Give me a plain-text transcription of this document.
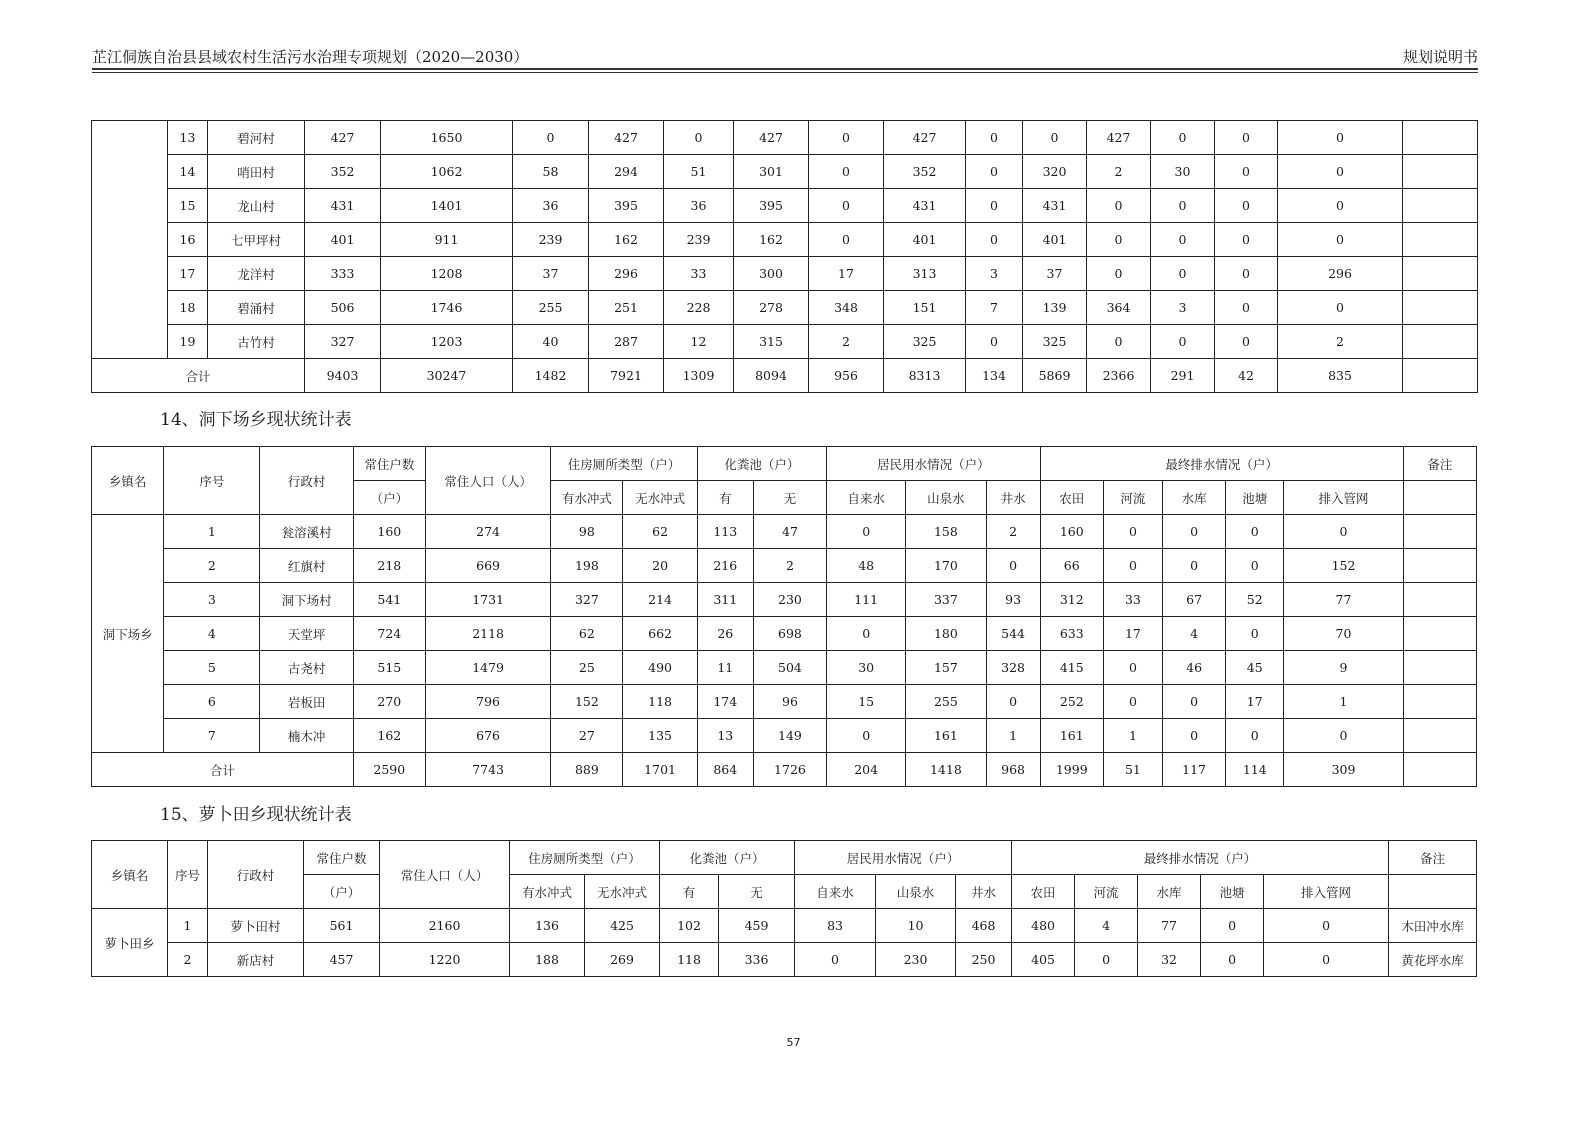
芷江侗族自治县县域农村生活污水治理专项规划（2020—2030）	规划说明书
	13	碧河村	427	1650	0	427	0	427	0	427	0	0	427	0	0	0	
	14	哨田村	352	1062	58	294	51	301	0	352	0	320	2	30	0	0	
	15	龙山村	431	1401	36	395	36	395	0	431	0	431	0	0	0	0	
	16	七甲坪村	401	911	239	162	239	162	0	401	0	401	0	0	0	0	
	17	龙洋村	333	1208	37	296	33	300	17	313	3	37	0	0	0	296	
	18	碧涌村	506	1746	255	251	228	278	348	151	7	139	364	3	0	0	
	19	古竹村	327	1203	40	287	12	315	2	325	0	325	0	0	0	2	
合计			9403	30247	1482	7921	1309	8094	956	8313	134	5869	2366	291	42	835	
14、洞下场乡现状统计表
乡镇名	序号	行政村	常住户数	常住人口（人）	住房厕所类型（户）		化粪池（户）		居民用水情况（户）			最终排水情况（户）					备注
			（户）		有水冲式	无水冲式	有	无	自来水	山泉水	井水	农田	河流	水库	池塘	排入管网	
洞下场乡	1	瓮溶溪村	160	274	98	62	113	47	0	158	2	160	0	0	0	0	
	2	红旗村	218	669	198	20	216	2	48	170	0	66	0	0	0	152	
	3	洞下场村	541	1731	327	214	311	230	111	337	93	312	33	67	52	77	
	4	天堂坪	724	2118	62	662	26	698	0	180	544	633	17	4	0	70	
	5	古尧村	515	1479	25	490	11	504	30	157	328	415	0	46	45	9	
	6	岩板田	270	796	152	118	174	96	15	255	0	252	0	0	17	1	
	7	楠木冲	162	676	27	135	13	149	0	161	1	161	1	0	0	0	
合计			2590	7743	889	1701	864	1726	204	1418	968	1999	51	117	114	309	
15、萝卜田乡现状统计表
乡镇名	序号	行政村	常住户数	常住人口（人）	住房厕所类型（户）		化粪池（户）		居民用水情况（户）			最终排水情况（户）					备注
			（户）		有水冲式	无水冲式	有	无	自来水	山泉水	井水	农田	河流	水库	池塘	排入管网	
萝卜田乡	1	萝卜田村	561	2160	136	425	102	459	83	10	468	480	4	77	0	0	木田冲水库
	2	新店村	457	1220	188	269	118	336	0	230	250	405	0	32	0	0	黄花坪水库
57
